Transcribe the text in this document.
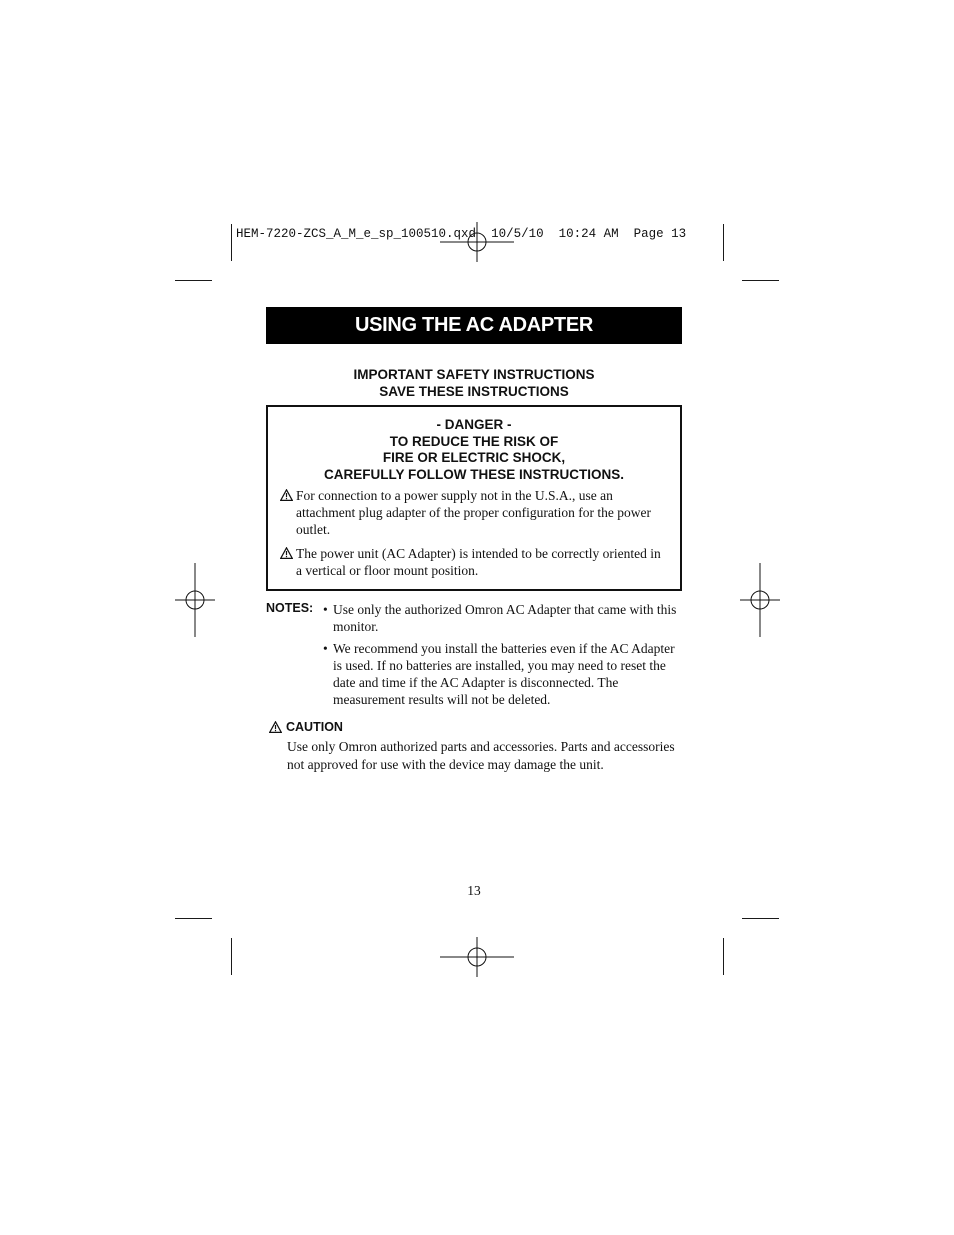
HEM-7220-ZCS_A_M_e_sp_100510.qxd 10/5/10 10:24 AM Page 13
USING THE AC ADAPTER
IMPORTANT SAFETY INSTRUCTIONS
SAVE THESE INSTRUCTIONS
- DANGER -
TO REDUCE THE RISK OF
FIRE OR ELECTRIC SHOCK,
CAREFULLY FOLLOW THESE INSTRUCTIONS.
For connection to a power supply not in the U.S.A., use an attachment plug adapter of the proper configuration for the power outlet.
The power unit (AC Adapter) is intended to be correctly oriented in a vertical or floor mount position.
NOTES: • Use only the authorized Omron AC Adapter that came with this monitor.
• We recommend you install the batteries even if the AC Adapter is used. If no batteries are installed, you may need to reset the date and time if the AC Adapter is disconnected. The measurement results will not be deleted.
CAUTION
Use only Omron authorized parts and accessories. Parts and accessories not approved for use with the device may damage the unit.
13
